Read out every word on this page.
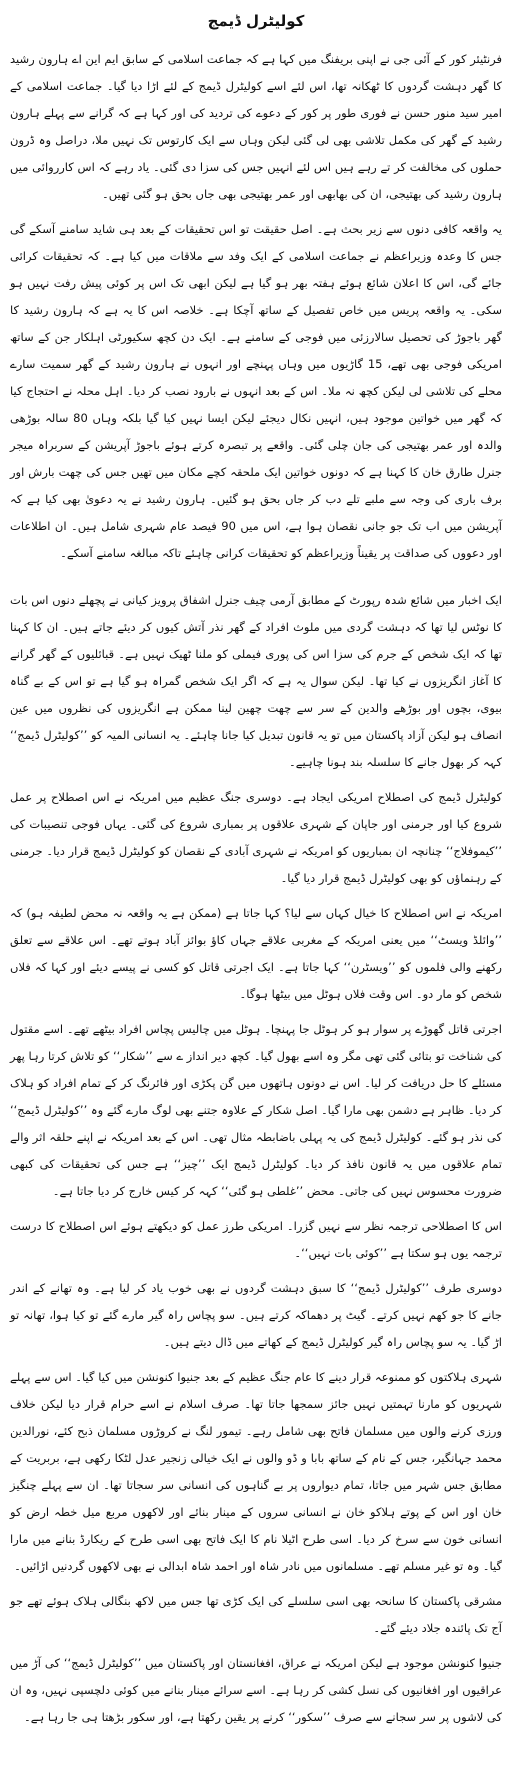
کولیٹرل ڈیمج

فرنٹیئر کور کے آئی جی نے اپنی بریفنگ میں کہا ہے کہ جماعت اسلامی کے سابق ایم این اے ہارون رشید کا گھر دہشت گردوں کا ٹھکانہ تھا، اس لئے اسے کولیٹرل ڈیمج کے لئے اڑا دیا گیا۔ جماعت اسلامی کے امیر سید منور حسن نے فوری طور پر کور کے دعوے کی تردید کی اور کہا ہے کہ گرانے سے پہلے ہارون رشید کے گھر کی مکمل تلاشی بھی لی گئی لیکن وہاں سے ایک کارتوس تک نہیں ملا، دراصل وہ ڈرون حملوں کی مخالفت کر تے رہے ہیں اس لئے انہیں جس کی سزا دی گئی۔ یاد رہے کہ اس کارروائی میں ہارون رشید کی بھتیجی، ان کی بھابھی اور عمر بھتیجی بھی جاں بحق ہو گئی تھیں۔

یہ واقعہ کافی دنوں سے زیر بحث ہے۔ اصل حقیقت تو اس تحقیقات کے بعد ہی شاید سامنے آسکے گی جس کا وعدہ وزیراعظم نے جماعت اسلامی کے ایک وفد سے ملاقات میں کیا ہے۔ کہ تحقیقات کرائی جائے گی، اس کا اعلان شائع ہوئے ہفتہ بھر ہو گیا ہے لیکن ابھی تک اس پر کوئی پیش رفت نہیں ہو سکی۔ یہ واقعہ پریس میں خاص تفصیل کے ساتھ آچکا ہے۔ خلاصہ اس کا یہ ہے کہ ہارون رشید کا گھر باجوڑ کی تحصیل سالارزئی میں فوجی کے سامنے ہے۔ ایک دن کچھ سکیورٹی اہلکار جن کے ساتھ امریکی فوجی بھی تھے، 15 گاڑیوں میں وہاں پہنچے اور انہوں نے ہارون رشید کے گھر سمیت سارے محلے کی تلاشی لی لیکن کچھ نہ ملا۔ اس کے بعد انہوں نے بارود نصب کر دیا۔ اہل محلہ نے احتجاج کیا کہ گھر میں خواتین موجود ہیں، انہیں نکال دیجئے لیکن ایسا نہیں کیا گیا بلکہ وہاں 80 سالہ بوڑھی والدہ اور عمر بھتیجی کی جان چلی گئی۔ واقعے پر تبصرہ کرتے ہوئے باجوڑ آپریشن کے سربراہ میجر جنرل طارق خان کا کہنا ہے کہ دونوں خواتین ایک ملحقہ کچے مکان میں تھیں جس کی چھت بارش اور برف باری کی وجہ سے ملبے تلے دب کر جاں بحق ہو گئیں۔ ہارون رشید نے یہ دعویٰ بھی کیا ہے کہ آپریشن میں اب تک جو جانی نقصان ہوا ہے، اس میں 90 فیصد عام شہری شامل ہیں۔ ان اطلاعات اور دعووں کی صداقت پر یقیناً وزیراعظم کو تحقیقات کرانی چاہئے تاکہ مبالغہ سامنے آسکے۔

ایک اخبار میں شائع شدہ رپورٹ کے مطابق آرمی چیف جنرل اشفاق پرویز کیانی نے پچھلے دنوں اس بات کا نوٹس لیا تھا کہ دہشت گردی میں ملوث افراد کے گھر نذر آتش کیوں کر دیئے جاتے ہیں۔ ان کا کہنا تھا کہ ایک شخص کے جرم کی سزا اس کی پوری فیملی کو ملنا ٹھیک نہیں ہے۔ قبائلیوں کے گھر گرانے کا آغاز انگریزوں نے کیا تھا۔ لیکن سوال یہ ہے کہ اگر ایک شخص گمراہ ہو گیا ہے تو اس کے بے گناہ بیوی، بچوں اور بوڑھے والدین کے سر سے چھت چھین لینا ممکن ہے انگریزوں کی نظروں میں عین انصاف ہو لیکن آزاد پاکستان میں تو یہ قانون تبدیل کیا جانا چاہئے۔ یہ انسانی المیہ کو ’’کولیٹرل ڈیمج‘‘ کہہ کر بھول جانے کا سلسلہ بند ہونا چاہیے۔

کولیٹرل ڈیمج کی اصطلاح امریکی ایجاد ہے۔ دوسری جنگ عظیم میں امریکہ نے اس اصطلاح پر عمل شروع کیا اور جرمنی اور جاپان کے شہری علاقوں پر بمباری شروع کی گئی۔ یہاں فوجی تنصیبات کی ’’کیموفلاج‘‘ چنانچہ ان بمباریوں کو امریکہ نے شہری آبادی کے نقصان کو کولیٹرل ڈیمج قرار دیا۔ جرمنی کے رہنماؤں کو بھی کولیٹرل ڈیمج قرار دیا گیا۔

امریکہ نے اس اصطلاح کا خیال کہاں سے لیا؟ کہا جاتا ہے (ممکن ہے یہ واقعہ نہ محض لطیفہ ہو) کہ ’’وائلڈ ویسٹ‘‘ میں یعنی امریکہ کے مغربی علاقے جہاں کاؤ بوائز آباد ہوتے تھے۔ اس علاقے سے تعلق رکھنے والی فلموں کو ’’ویسٹرن‘‘ کہا جاتا ہے۔ ایک اجرتی قاتل کو کسی نے پیسے دیئے اور کہا کہ فلاں شخص کو مار دو۔ اس وقت فلاں ہوٹل میں بیٹھا ہوگا۔

اجرتی قاتل گھوڑے پر سوار ہو کر ہوٹل جا پہنچا۔ ہوٹل میں چالیس پچاس افراد بیٹھے تھے۔ اسے مقتول کی شناخت تو بتائی گئی تھی مگر وہ اسے بھول گیا۔ کچھ دیر انداز ے سے ’’شکار‘‘ کو تلاش کرتا رہا پھر مسئلے کا حل دریافت کر لیا۔ اس نے دونوں ہاتھوں میں گن پکڑی اور فائرنگ کر کے تمام افراد کو ہلاک کر دیا۔ ظاہر ہے دشمن بھی مارا گیا۔ اصل شکار کے علاوہ جتنے بھی لوگ مارے گئے وہ ’’کولیٹرل ڈیمج‘‘ کی نذر ہو گئے۔ کولیٹرل ڈیمج کی یہ پہلی باضابطہ مثال تھی۔ اس کے بعد امریکہ نے اپنے حلقہ اثر والے تمام علاقوں میں یہ قانون نافذ کر دیا۔ کولیٹرل ڈیمج ایک ’’چیز‘‘ ہے جس کی تحقیقات کی کبھی ضرورت محسوس نہیں کی جاتی۔ محض ’’غلطی ہو گئی‘‘ کہہ کر کیس خارج کر دیا جاتا ہے۔

اس کا اصطلاحی ترجمہ نظر سے نہیں گزرا۔ امریکی طرز عمل کو دیکھتے ہوئے اس اصطلاح کا درست ترجمہ یوں ہو سکتا ہے ’’کوئی بات نہیں‘‘۔

دوسری طرف ’’کولیٹرل ڈیمج‘‘ کا سبق دہشت گردوں نے بھی خوب یاد کر لیا ہے۔ وہ تھانے کے اندر جانے کا جو کھم نہیں کرتے۔ گیٹ پر دھماکہ کرتے ہیں۔ سو پچاس راہ گیر مارے گئے تو کیا ہوا، تھانہ تو اڑ گیا۔ یہ سو پچاس راہ گیر کولیٹرل ڈیمج کے کھاتے میں ڈال دیتے ہیں۔

شہری ہلاکتوں کو ممنوعہ قرار دینے کا عام جنگ عظیم کے بعد جنیوا کنونشن میں کیا گیا۔ اس سے پہلے شہریوں کو مارنا تہمتیں نہیں جائز سمجھا جاتا تھا۔ صرف اسلام نے اسے حرام قرار دیا لیکن خلاف ورزی کرنے والوں میں مسلمان فاتح بھی شامل رہے۔ تیمور لنگ نے کروڑوں مسلمان ذبح کئے، نورالدین محمد جہانگیر، جس کے نام کے ساتھ بابا و ڈو والوں نے ایک خیالی زنجیر عدل لٹکا رکھی ہے، بربریت کے مطابق جس شہر میں جاتا، تمام دیواروں پر بے گناہوں کی انسانی سر سجاتا تھا۔ ان سے پہلے چنگیز خان اور اس کے پوتے ہلاکو خان نے انسانی سروں کے مینار بنائے اور لاکھوں مربع میل خطہ ارض کو انسانی خون سے سرخ کر دیا۔ اسی طرح اٹیلا نام کا ایک فاتح بھی اسی طرح کے ریکارڈ بنانے میں مارا گیا۔ وہ تو غیر مسلم تھے۔ مسلمانوں میں نادر شاہ اور احمد شاہ ابدالی نے بھی لاکھوں گردنیں اڑائیں۔

مشرقی پاکستان کا سانحہ بھی اسی سلسلے کی ایک کڑی تھا جس میں لاکھ بنگالی ہلاک ہوئے تھے جو آج تک پائندہ جلاد دیئے گئے۔

جنیوا کنونشن موجود ہے لیکن امریکہ نے عراق، افغانستان اور پاکستان میں ’’کولیٹرل ڈیمج‘‘ کی آڑ میں عراقیوں اور افغانیوں کی نسل کشی کر رہا ہے۔ اسے سرائے مینار بنانے میں کوئی دلچسپی نہیں، وہ ان کی لاشوں پر سر سجانے سے صرف ’’سکور‘‘ کرنے پر یقین رکھتا ہے، اور سکور بڑھتا ہی جا رہا ہے۔
